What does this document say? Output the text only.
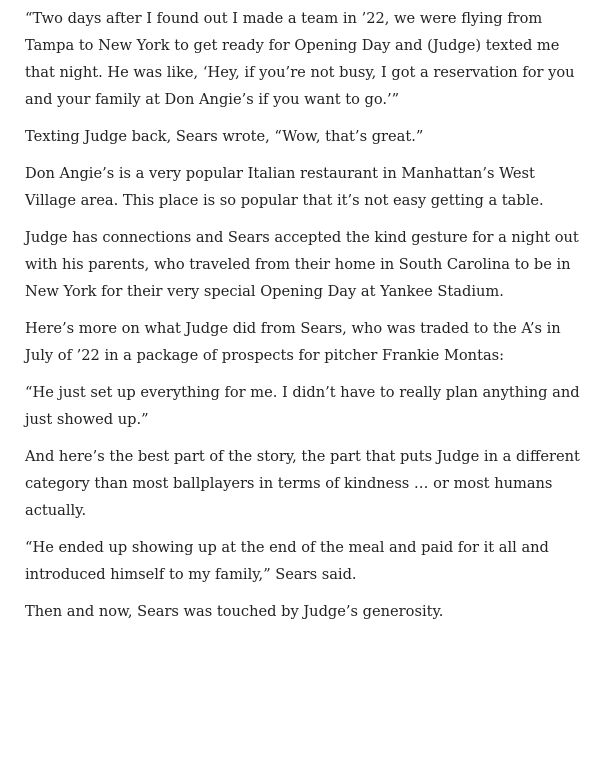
“Two days after I found out I made a team in ’22, we were flying from Tampa to New York to get ready for Opening Day and (Judge) texted me that night. He was like, ‘Hey, if you’re not busy, I got a reservation for you and your family at Don Angie’s if you want to go.’”

Texting Judge back, Sears wrote, “Wow, that’s great.”

Don Angie’s is a very popular Italian restaurant in Manhattan’s West Village area. This place is so popular that it’s not easy getting a table.

Judge has connections and Sears accepted the kind gesture for a night out with his parents, who traveled from their home in South Carolina to be in New York for their very special Opening Day at Yankee Stadium.

Here’s more on what Judge did from Sears, who was traded to the A’s in July of ’22 in a package of prospects for pitcher Frankie Montas:

“He just set up everything for me. I didn’t have to really plan anything and just showed up.”

And here’s the best part of the story, the part that puts Judge in a different category than most ballplayers in terms of kindness … or most humans actually.

“He ended up showing up at the end of the meal and paid for it all and introduced himself to my family,” Sears said.

Then and now, Sears was touched by Judge’s generosity.
